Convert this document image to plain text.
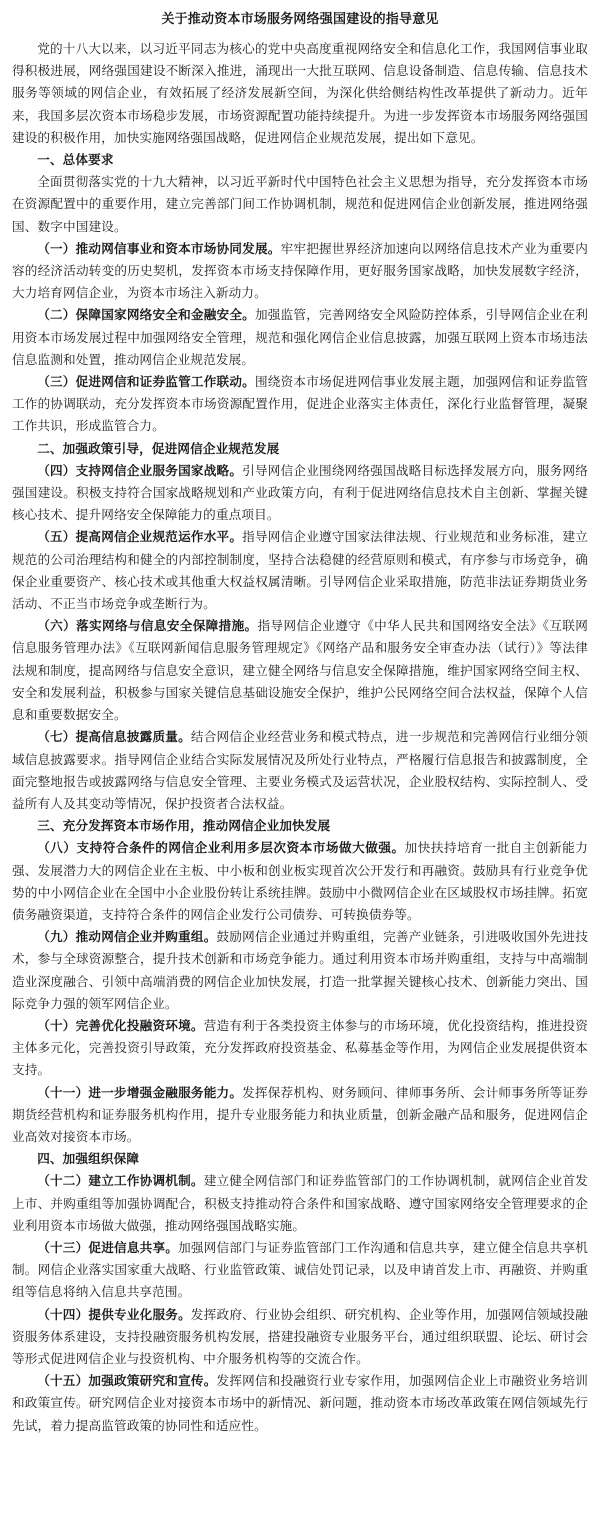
关于推动资本市场服务网络强国建设的指导意见

党的十八大以来，以习近平同志为核心的党中央高度重视网络安全和信息化工作，我国网信事业取得积极进展，网络强国建设不断深入推进，涌现出一大批互联网、信息设备制造、信息传输、信息技术服务等领域的网信企业，有效拓展了经济发展新空间，为深化供给侧结构性改革提供了新动力。近年来，我国多层次资本市场稳步发展，市场资源配置功能持续提升。为进一步发挥资本市场服务网络强国建设的积极作用，加快实施网络强国战略，促进网信企业规范发展，提出如下意见。

一、总体要求

全面贯彻落实党的十九大精神，以习近平新时代中国特色社会主义思想为指导，充分发挥资本市场在资源配置中的重要作用，建立完善部门间工作协调机制，规范和促进网信企业创新发展，推进网络强国、数字中国建设。

（一）推动网信事业和资本市场协同发展。牢牢把握世界经济加速向以网络信息技术产业为重要内容的经济活动转变的历史契机，发挥资本市场支持保障作用，更好服务国家战略，加快发展数字经济，大力培育网信企业，为资本市场注入新动力。

（二）保障国家网络安全和金融安全。加强监管，完善网络安全风险防控体系，引导网信企业在利用资本市场发展过程中加强网络安全管理，规范和强化网信企业信息披露，加强互联网上资本市场违法信息监测和处置，推动网信企业规范发展。

（三）促进网信和证券监管工作联动。围绕资本市场促进网信事业发展主题，加强网信和证券监管工作的协调联动，充分发挥资本市场资源配置作用，促进企业落实主体责任，深化行业监督管理，凝聚工作共识，形成监管合力。

二、加强政策引导，促进网信企业规范发展

（四）支持网信企业服务国家战略。引导网信企业围绕网络强国战略目标选择发展方向，服务网络强国建设。积极支持符合国家战略规划和产业政策方向，有利于促进网络信息技术自主创新、掌握关键核心技术、提升网络安全保障能力的重点项目。

（五）提高网信企业规范运作水平。指导网信企业遵守国家法律法规、行业规范和业务标准，建立规范的公司治理结构和健全的内部控制制度，坚持合法稳健的经营原则和模式，有序参与市场竞争，确保企业重要资产、核心技术或其他重大权益权属清晰。引导网信企业采取措施，防范非法证券期货业务活动、不正当市场竞争或垄断行为。

（六）落实网络与信息安全保障措施。指导网信企业遵守《中华人民共和国网络安全法》《互联网信息服务管理办法》《互联网新闻信息服务管理规定》《网络产品和服务安全审查办法（试行）》等法律法规和制度，提高网络与信息安全意识，建立健全网络与信息安全保障措施，维护国家网络空间主权、安全和发展利益，积极参与国家关键信息基础设施安全保护，维护公民网络空间合法权益，保障个人信息和重要数据安全。

（七）提高信息披露质量。结合网信企业经营业务和模式特点，进一步规范和完善网信行业细分领域信息披露要求。指导网信企业结合实际发展情况及所处行业特点，严格履行信息报告和披露制度，全面完整地报告或披露网络与信息安全管理、主要业务模式及运营状况，企业股权结构、实际控制人、受益所有人及其变动等情况，保护投资者合法权益。

三、充分发挥资本市场作用，推动网信企业加快发展

（八）支持符合条件的网信企业利用多层次资本市场做大做强。加快扶持培育一批自主创新能力强、发展潜力大的网信企业在主板、中小板和创业板实现首次公开发行和再融资。鼓励具有行业竞争优势的中小网信企业在全国中小企业股份转让系统挂牌。鼓励中小微网信企业在区域股权市场挂牌。拓宽债务融资渠道，支持符合条件的网信企业发行公司债券、可转换债券等。

（九）推动网信企业并购重组。鼓励网信企业通过并购重组，完善产业链条，引进吸收国外先进技术，参与全球资源整合，提升技术创新和市场竞争能力。通过利用资本市场并购重组，支持与中高端制造业深度融合、引领中高端消费的网信企业加快发展，打造一批掌握关键核心技术、创新能力突出、国际竞争力强的领军网信企业。

（十）完善优化投融资环境。营造有利于各类投资主体参与的市场环境，优化投资结构，推进投资主体多元化，完善投资引导政策，充分发挥政府投资基金、私募基金等作用，为网信企业发展提供资本支持。

（十一）进一步增强金融服务能力。发挥保荐机构、财务顾问、律师事务所、会计师事务所等证券期货经营机构和证券服务机构作用，提升专业服务能力和执业质量，创新金融产品和服务，促进网信企业高效对接资本市场。

四、加强组织保障

（十二）建立工作协调机制。建立健全网信部门和证券监管部门的工作协调机制，就网信企业首发上市、并购重组等加强协调配合，积极支持推动符合条件和国家战略、遵守国家网络安全管理要求的企业利用资本市场做大做强，推动网络强国战略实施。

（十三）促进信息共享。加强网信部门与证券监管部门工作沟通和信息共享，建立健全信息共享机制。网信企业落实国家重大战略、行业监管政策、诚信处罚记录，以及申请首发上市、再融资、并购重组等信息将纳入信息共享范围。

（十四）提供专业化服务。发挥政府、行业协会组织、研究机构、企业等作用，加强网信领域投融资服务体系建设，支持投融资服务机构发展，搭建投融资专业服务平台，通过组织联盟、论坛、研讨会等形式促进网信企业与投资机构、中介服务机构等的交流合作。

（十五）加强政策研究和宣传。发挥网信和投融资行业专家作用，加强网信企业上市融资业务培训和政策宣传。研究网信企业对接资本市场中的新情况、新问题，推动资本市场改革政策在网信领域先行先试，着力提高监管政策的协同性和适应性。
